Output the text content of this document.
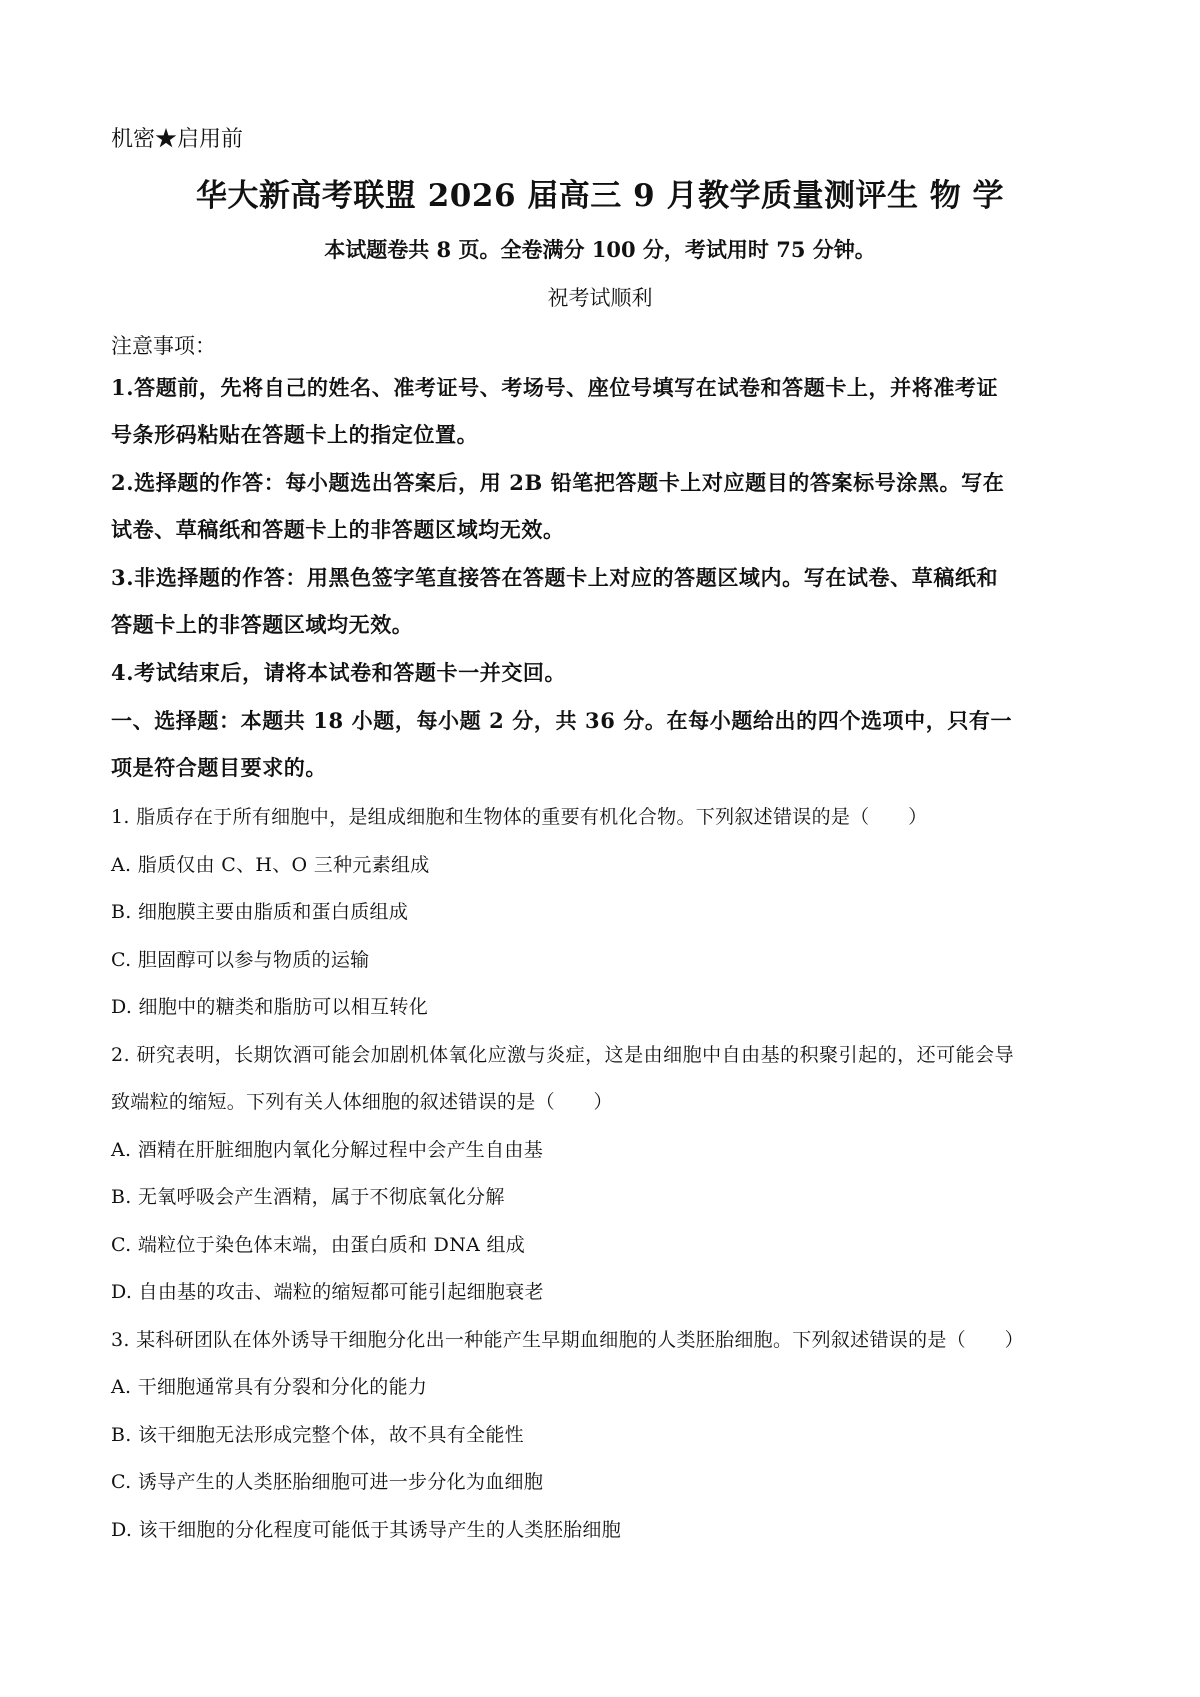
机密★启用前
华大新高考联盟 2026 届高三 9 月教学质量测评生 物 学
本试题卷共 8 页。全卷满分 100 分，考试用时 75 分钟。
祝考试顺利
注意事项：
1.答题前，先将自己的姓名、准考证号、考场号、座位号填写在试卷和答题卡上，并将准考证
号条形码粘贴在答题卡上的指定位置。
2.选择题的作答：每小题选出答案后，用 2B 铅笔把答题卡上对应题目的答案标号涂黑。写在
试卷、草稿纸和答题卡上的非答题区域均无效。
3.非选择题的作答：用黑色签字笔直接答在答题卡上对应的答题区域内。写在试卷、草稿纸和
答题卡上的非答题区域均无效。
4.考试结束后，请将本试卷和答题卡一并交回。
一、选择题：本题共 18 小题，每小题 2 分，共 36 分。在每小题给出的四个选项中，只有一
项是符合题目要求的。
1. 脂质存在于所有细胞中，是组成细胞和生物体的重要有机化合物。下列叙述错误的是（　　）
A. 脂质仅由 C、H、O 三种元素组成
B. 细胞膜主要由脂质和蛋白质组成
C. 胆固醇可以参与物质的运输
D. 细胞中的糖类和脂肪可以相互转化
2. 研究表明，长期饮酒可能会加剧机体氧化应激与炎症，这是由细胞中自由基的积聚引起的，还可能会导
致端粒的缩短。下列有关人体细胞的叙述错误的是（　　）
A. 酒精在肝脏细胞内氧化分解过程中会产生自由基
B. 无氧呼吸会产生酒精，属于不彻底氧化分解
C. 端粒位于染色体末端，由蛋白质和 DNA 组成
D. 自由基的攻击、端粒的缩短都可能引起细胞衰老
3. 某科研团队在体外诱导干细胞分化出一种能产生早期血细胞的人类胚胎细胞。下列叙述错误的是（　　）
A. 干细胞通常具有分裂和分化的能力
B. 该干细胞无法形成完整个体，故不具有全能性
C. 诱导产生的人类胚胎细胞可进一步分化为血细胞
D. 该干细胞的分化程度可能低于其诱导产生的人类胚胎细胞
